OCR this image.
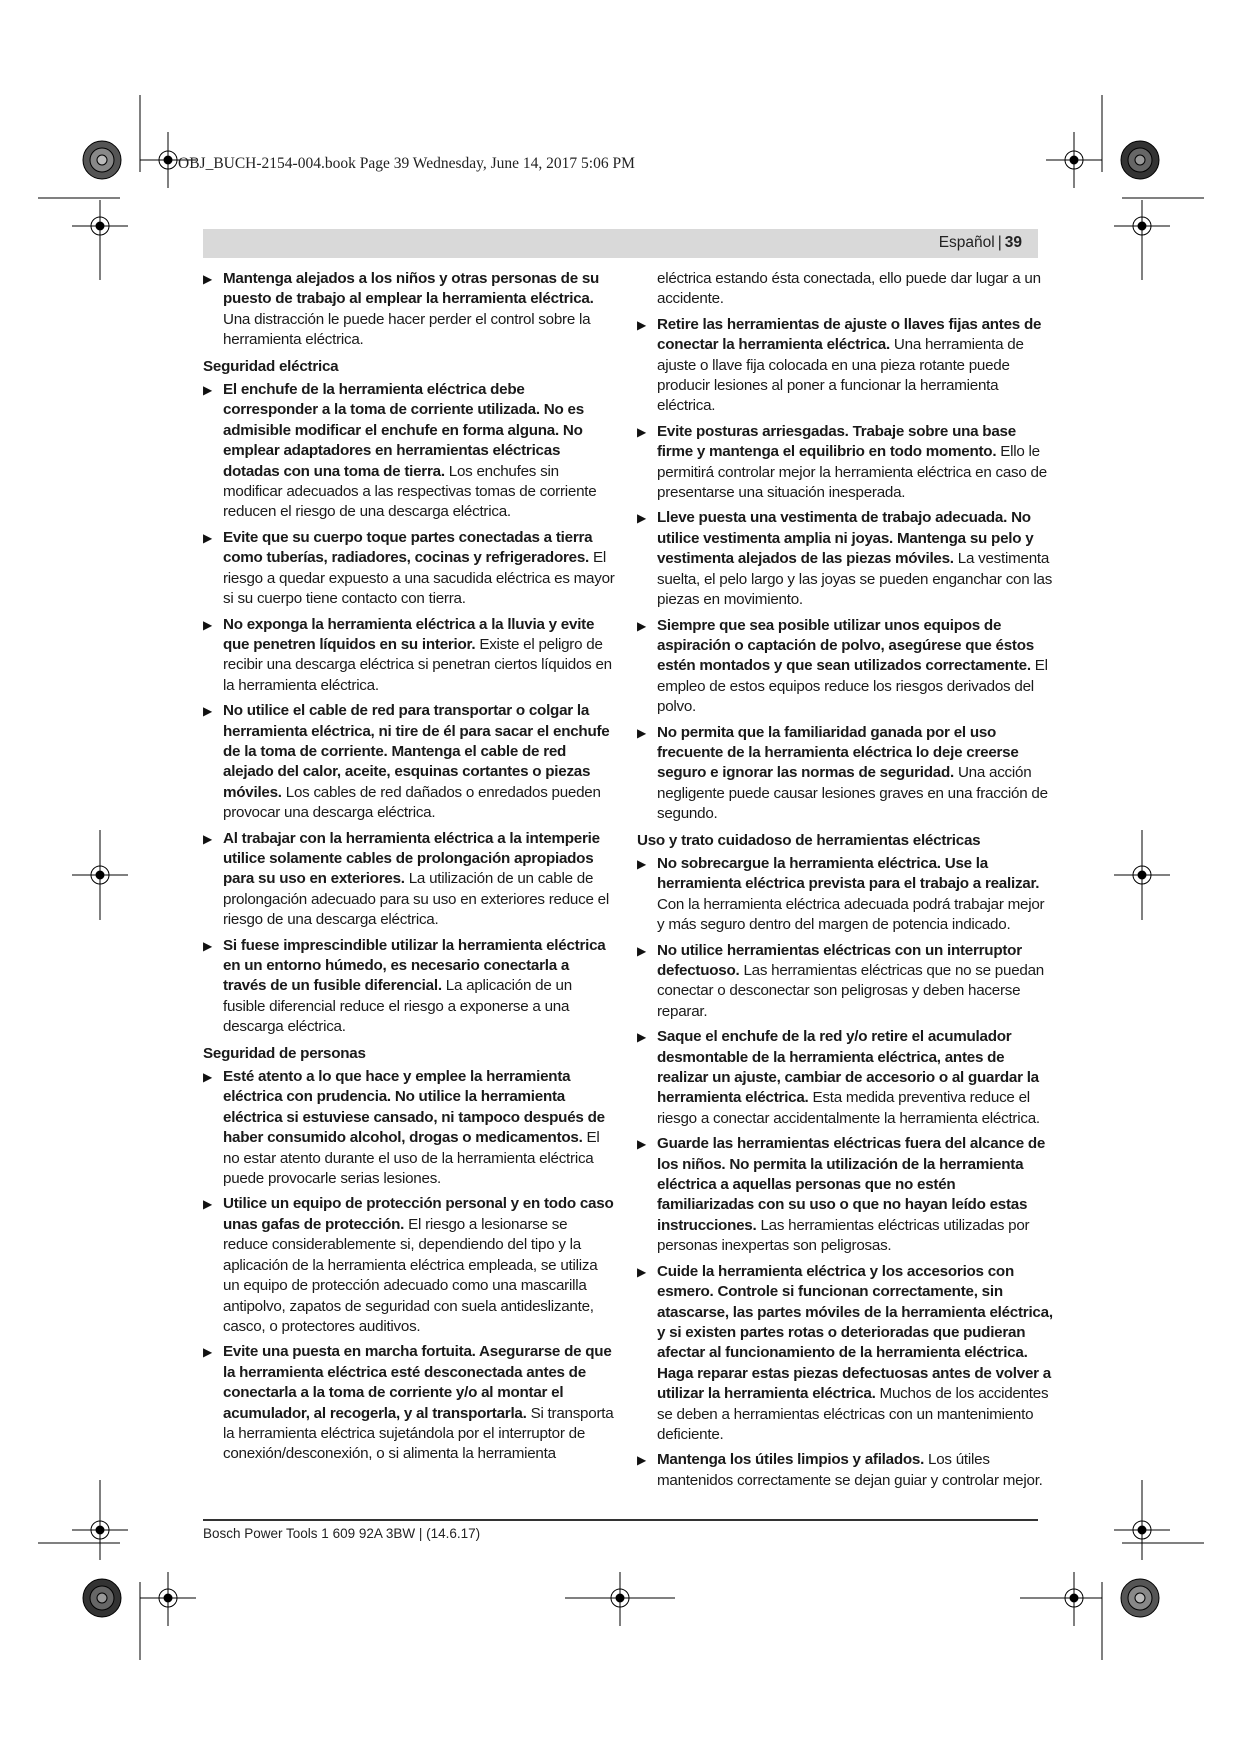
OBJ_BUCH-2154-004.book Page 39 Wednesday, June 14, 2017 5:06 PM
Español | 39
▶ Mantenga alejados a los niños y otras personas de su puesto de trabajo al emplear la herramienta eléctrica. Una distracción le puede hacer perder el control sobre la herramienta eléctrica.
Seguridad eléctrica
▶ El enchufe de la herramienta eléctrica debe corresponder a la toma de corriente utilizada. No es admisible modificar el enchufe en forma alguna. No emplear adaptadores en herramientas eléctricas dotadas con una toma de tierra. Los enchufes sin modificar adecuados a las respectivas tomas de corriente reducen el riesgo de una descarga eléctrica.
▶ Evite que su cuerpo toque partes conectadas a tierra como tuberías, radiadores, cocinas y refrigeradores. El riesgo a quedar expuesto a una sacudida eléctrica es mayor si su cuerpo tiene contacto con tierra.
▶ No exponga la herramienta eléctrica a la lluvia y evite que penetren líquidos en su interior. Existe el peligro de recibir una descarga eléctrica si penetran ciertos líquidos en la herramienta eléctrica.
▶ No utilice el cable de red para transportar o colgar la herramienta eléctrica, ni tire de él para sacar el enchufe de la toma de corriente. Mantenga el cable de red alejado del calor, aceite, esquinas cortantes o piezas móviles. Los cables de red dañados o enredados pueden provocar una descarga eléctrica.
▶ Al trabajar con la herramienta eléctrica a la intemperie utilice solamente cables de prolongación apropiados para su uso en exteriores. La utilización de un cable de prolongación adecuado para su uso en exteriores reduce el riesgo de una descarga eléctrica.
▶ Si fuese imprescindible utilizar la herramienta eléctrica en un entorno húmedo, es necesario conectarla a través de un fusible diferencial. La aplicación de un fusible diferencial reduce el riesgo a exponerse a una descarga eléctrica.
Seguridad de personas
▶ Esté atento a lo que hace y emplee la herramienta eléctrica con prudencia. No utilice la herramienta eléctrica si estuviese cansado, ni tampoco después de haber consumido alcohol, drogas o medicamentos. El no estar atento durante el uso de la herramienta eléctrica puede provocarle serias lesiones.
▶ Utilice un equipo de protección personal y en todo caso unas gafas de protección. El riesgo a lesionarse se reduce considerablemente si, dependiendo del tipo y la aplicación de la herramienta eléctrica empleada, se utiliza un equipo de protección adecuado como una mascarilla antipolvo, zapatos de seguridad con suela antideslizante, casco, o protectores auditivos.
▶ Evite una puesta en marcha fortuita. Asegurarse de que la herramienta eléctrica esté desconectada antes de conectarla a la toma de corriente y/o al montar el acumulador, al recogerla, y al transportarla. Si transporta la herramienta eléctrica sujetándola por el interruptor de conexión/desconexión, o si alimenta la herramienta
eléctrica estando ésta conectada, ello puede dar lugar a un accidente.
▶ Retire las herramientas de ajuste o llaves fijas antes de conectar la herramienta eléctrica. Una herramienta de ajuste o llave fija colocada en una pieza rotante puede producir lesiones al poner a funcionar la herramienta eléctrica.
▶ Evite posturas arriesgadas. Trabaje sobre una base firme y mantenga el equilibrio en todo momento. Ello le permitirá controlar mejor la herramienta eléctrica en caso de presentarse una situación inesperada.
▶ Lleve puesta una vestimenta de trabajo adecuada. No utilice vestimenta amplia ni joyas. Mantenga su pelo y vestimenta alejados de las piezas móviles. La vestimenta suelta, el pelo largo y las joyas se pueden enganchar con las piezas en movimiento.
▶ Siempre que sea posible utilizar unos equipos de aspiración o captación de polvo, asegúrese que éstos estén montados y que sean utilizados correctamente. El empleo de estos equipos reduce los riesgos derivados del polvo.
▶ No permita que la familiaridad ganada por el uso frecuente de la herramienta eléctrica lo deje creerse seguro e ignorar las normas de seguridad. Una acción negligente puede causar lesiones graves en una fracción de segundo.
Uso y trato cuidadoso de herramientas eléctricas
▶ No sobrecargue la herramienta eléctrica. Use la herramienta eléctrica prevista para el trabajo a realizar. Con la herramienta eléctrica adecuada podrá trabajar mejor y más seguro dentro del margen de potencia indicado.
▶ No utilice herramientas eléctricas con un interruptor defectuoso. Las herramientas eléctricas que no se puedan conectar o desconectar son peligrosas y deben hacerse reparar.
▶ Saque el enchufe de la red y/o retire el acumulador desmontable de la herramienta eléctrica, antes de realizar un ajuste, cambiar de accesorio o al guardar la herramienta eléctrica. Esta medida preventiva reduce el riesgo a conectar accidentalmente la herramienta eléctrica.
▶ Guarde las herramientas eléctricas fuera del alcance de los niños. No permita la utilización de la herramienta eléctrica a aquellas personas que no estén familiarizadas con su uso o que no hayan leído estas instrucciones. Las herramientas eléctricas utilizadas por personas inexpertas son peligrosas.
▶ Cuide la herramienta eléctrica y los accesorios con esmero. Controle si funcionan correctamente, sin atascarse, las partes móviles de la herramienta eléctrica, y si existen partes rotas o deterioradas que pudieran afectar al funcionamiento de la herramienta eléctrica. Haga reparar estas piezas defectuosas antes de volver a utilizar la herramienta eléctrica. Muchos de los accidentes se deben a herramientas eléctricas con un mantenimiento deficiente.
▶ Mantenga los útiles limpios y afilados. Los útiles mantenidos correctamente se dejan guiar y controlar mejor.
Bosch Power Tools 1 609 92A 3BW | (14.6.17)
